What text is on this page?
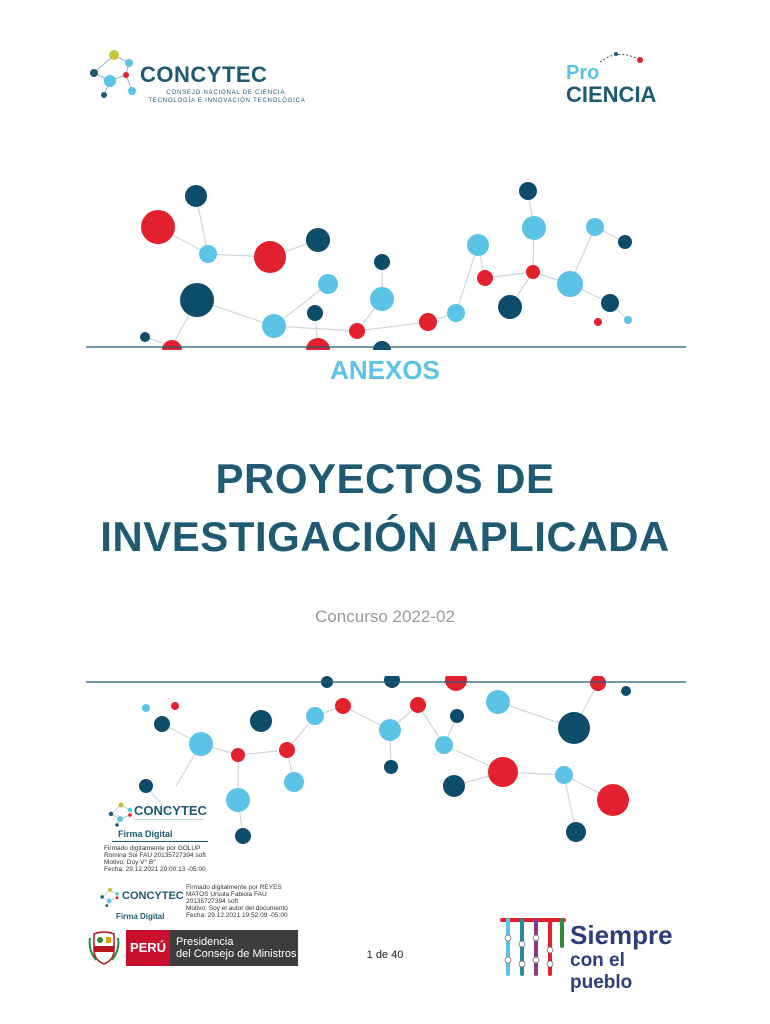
CONCYTEC
CONSEJO NACIONAL DE CIENCIA,
TECNOLOGÍA E INNOVACIÓN TECNOLÓGICA
Pro
CIENCIA
ANEXOS
PROYECTOS DE
INVESTIGACIÓN APLICADA
Concurso 2022-02
CONCYTEC
Firma Digital
Firmado digitalmente por GOLUP
Romina Sol FAU 20135727394 soft
Motivo: Doy V° B°
Fecha: 29.12.2021 20:00:13 -05:00
CONCYTEC
Firma Digital
Firmado digitalmente por REYES
MATOS Ursula Fabiola FAU
20135727394 soft
Motivo: Soy el autor del documento
Fecha: 29.12.2021 19:52:09 -05:00
PERÚ Presidencia
del Consejo de Ministros	1 de 40
Siempre
con el pueblo
